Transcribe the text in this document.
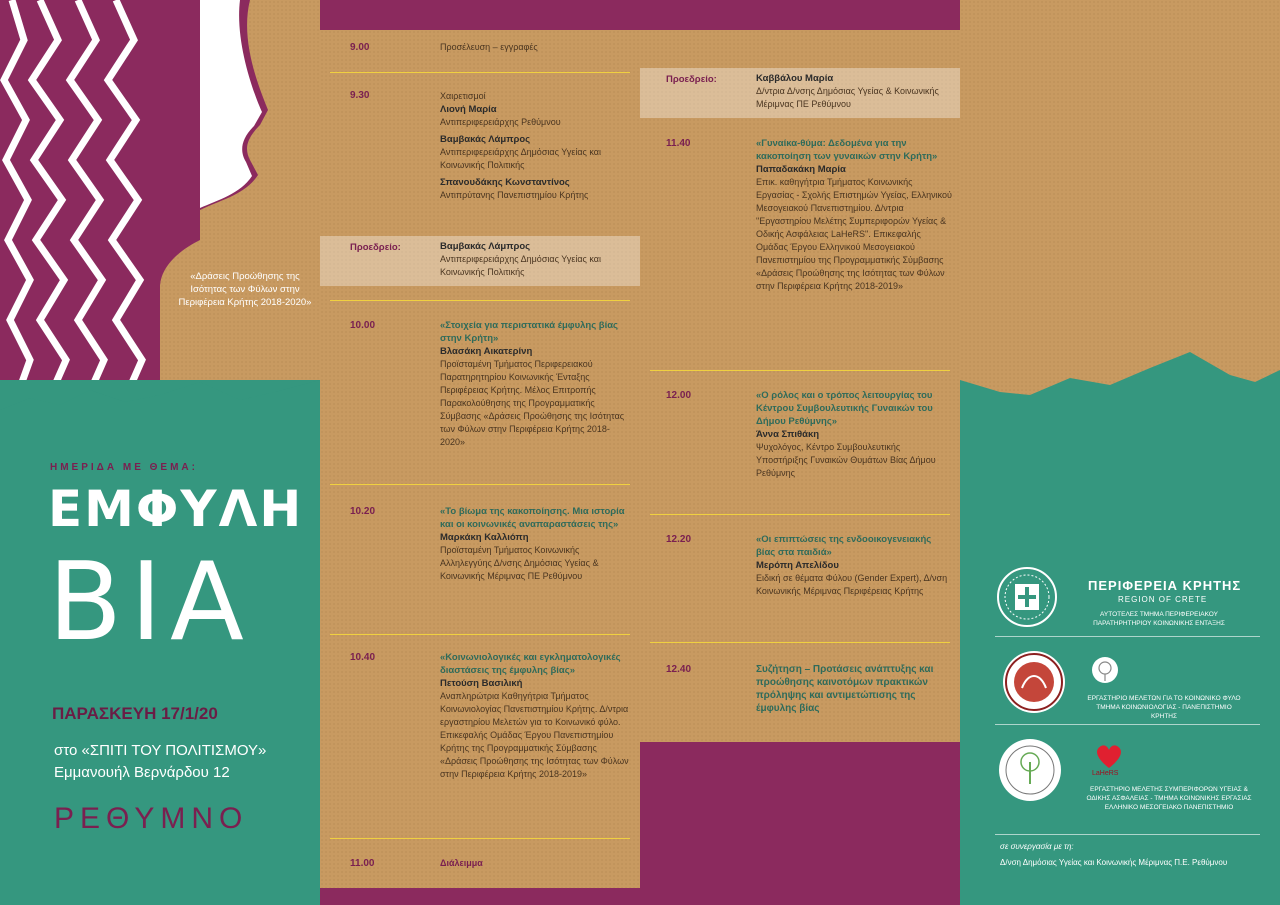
«Δράσεις Προώθησης της Ισότητας των Φύλων στην Περιφέρεια Κρήτης 2018-2020»
ΗΜΕΡΙΔΑ ΜΕ ΘΕΜΑ:
ΕΜΦΥΛΗ
ΒΙΑ
ΠΑΡΑΣΚΕΥΗ 17/1/20
στο «ΣΠΙΤΙ ΤΟΥ ΠΟΛΙΤΙΣΜΟΥ»
Εμμανουήλ Βερνάρδου 12
ΡΕΘΥΜΝΟ
9.00	Προσέλευση – εγγραφές
9.30	Χαιρετισμοί

Λιονή Μαρία
Αντιπεριφερειάρχης Ρεθύμνου

Βαμβακάς Λάμπρος
Αντιπεριφερειάρχης Δημόσιας Υγείας και Κοινωνικής Πολιτικής

Σπανουδάκης Κωνσταντίνος
Αντιπρύτανης Πανεπιστημίου Κρήτης
Προεδρείο:	Βαμβακάς Λάμπρος
Αντιπεριφερειάρχης Δημόσιας Υγείας και Κοινωνικής Πολιτικής
10.00	«Στοιχεία για περιστατικά έμφυλης βίας στην Κρήτη»
Βλασάκη Αικατερίνη
Προϊσταμένη Τμήματος Περιφερειακού Παρατηρητηρίου Κοινωνικής Ένταξης Περιφέρειας Κρήτης. Μέλος Επιτροπής Παρακολούθησης της Προγραμματικής Σύμβασης «Δράσεις Προώθησης της Ισότητας των Φύλων στην Περιφέρεια Κρήτης 2018-2020»
10.20	«Το βίωμα της κακοποίησης. Μια ιστορία και οι κοινωνικές αναπαραστάσεις της»
Μαρκάκη Καλλιόπη
Προϊσταμένη Τμήματος Κοινωνικής Αλληλεγγύης Δ/νσης Δημόσιας Υγείας & Κοινωνικής Μέριμνας ΠΕ Ρεθύμνου
10.40	«Κοινωνιολογικές και εγκληματολογικές διαστάσεις της έμφυλης βίας»
Πετούση Βασιλική
Αναπληρώτρια Καθηγήτρια Τμήματος Κοινωνιολογίας Πανεπιστημίου Κρήτης. Δ/ντρια εργαστηρίου Μελετών για το Κοινωνικό φύλο. Επικεφαλής Ομάδας Έργου Πανεπιστημίου Κρήτης της Προγραμματικής Σύμβασης «Δράσεις Προώθησης της Ισότητας των Φύλων στην Περιφέρεια Κρήτης 2018-2019»
11.00	Διάλειμμα
Προεδρείο:	Καββάλου Μαρία
Δ/ντρια Δ/νσης Δημόσιας Υγείας & Κοινωνικής Μέριμνας ΠΕ Ρεθύμνου
11.40	«Γυναίκα-θύμα: Δεδομένα για την κακοποίηση των γυναικών στην Κρήτη»
Παπαδακάκη Μαρία
Επικ. καθηγήτρια Τμήματος Κοινωνικής Εργασίας - Σχολής Επιστημών Υγείας, Ελληνικού Μεσογειακού Πανεπιστημίου. Δ/ντρια "Εργαστηρίου Μελέτης Συμπεριφορών Υγείας & Οδικής Ασφάλειας LaHeRS". Επικεφαλής Ομάδας Έργου Ελληνικού Μεσογειακού Πανεπιστημίου της Προγραμματικής Σύμβασης «Δράσεις Προώθησης της Ισότητας των Φύλων στην Περιφέρεια Κρήτης 2018-2019»
12.00	«Ο ρόλος και ο τρόπος λειτουργίας του Κέντρου Συμβουλευτικής Γυναικών του Δήμου Ρεθύμνης»
Άννα Σπιθάκη
Ψυχολόγος, Κέντρο Συμβουλευτικής Υποστήριξης Γυναικών Θυμάτων Βίας Δήμου Ρεθύμνης
12.20	«Οι επιπτώσεις της ενδοοικογενειακής βίας στα παιδιά»
Μερόπη Απελίδου
Ειδική σε θέματα Φύλου (Gender Expert), Δ/νση Κοινωνικής Μέριμνας Περιφέρειας Κρήτης
12.40	Συζήτηση – Προτάσεις ανάπτυξης και προώθησης καινοτόμων πρακτικών πρόληψης και αντιμετώπισης της έμφυλης βίας
ΠΕΡΙΦΕΡΕΙΑ ΚΡΗΤΗΣ
REGION OF CRETE
ΑΥΤΟΤΕΛΕΣ ΤΜΗΜΑ ΠΕΡΙΦΕΡΕΙΑΚΟΥ ΠΑΡΑΤΗΡΗΤΗΡΙΟΥ ΚΟΙΝΩΝΙΚΗΣ ΕΝΤΑΞΗΣ
ΕΡΓΑΣΤΗΡΙΟ ΜΕΛΕΤΩΝ ΓΙΑ ΤΟ ΚΟΙΝΩΝΙΚΟ ΦΥΛΟ ΤΜΗΜΑ ΚΟΙΝΩΝΙΟΛΟΓΙΑΣ - ΠΑΝΕΠΙΣΤΗΜΙΟ ΚΡΗΤΗΣ
LaHeRS
ΕΡΓΑΣΤΗΡΙΟ ΜΕΛΕΤΗΣ ΣΥΜΠΕΡΙΦΟΡΩΝ ΥΓΕΙΑΣ & ΟΔΙΚΗΣ ΑΣΦΑΛΕΙΑΣ - ΤΜΗΜΑ ΚΟΙΝΩΝΙΚΗΣ ΕΡΓΑΣΙΑΣ ΕΛΛΗΝΙΚΟ ΜΕΣΟΓΕΙΑΚΟ ΠΑΝΕΠΙΣΤΗΜΙΟ
σε συνεργασία με τη:
Δ/νση Δημόσιας Υγείας και Κοινωνικής Μέριμνας Π.Ε. Ρεθύμνου
